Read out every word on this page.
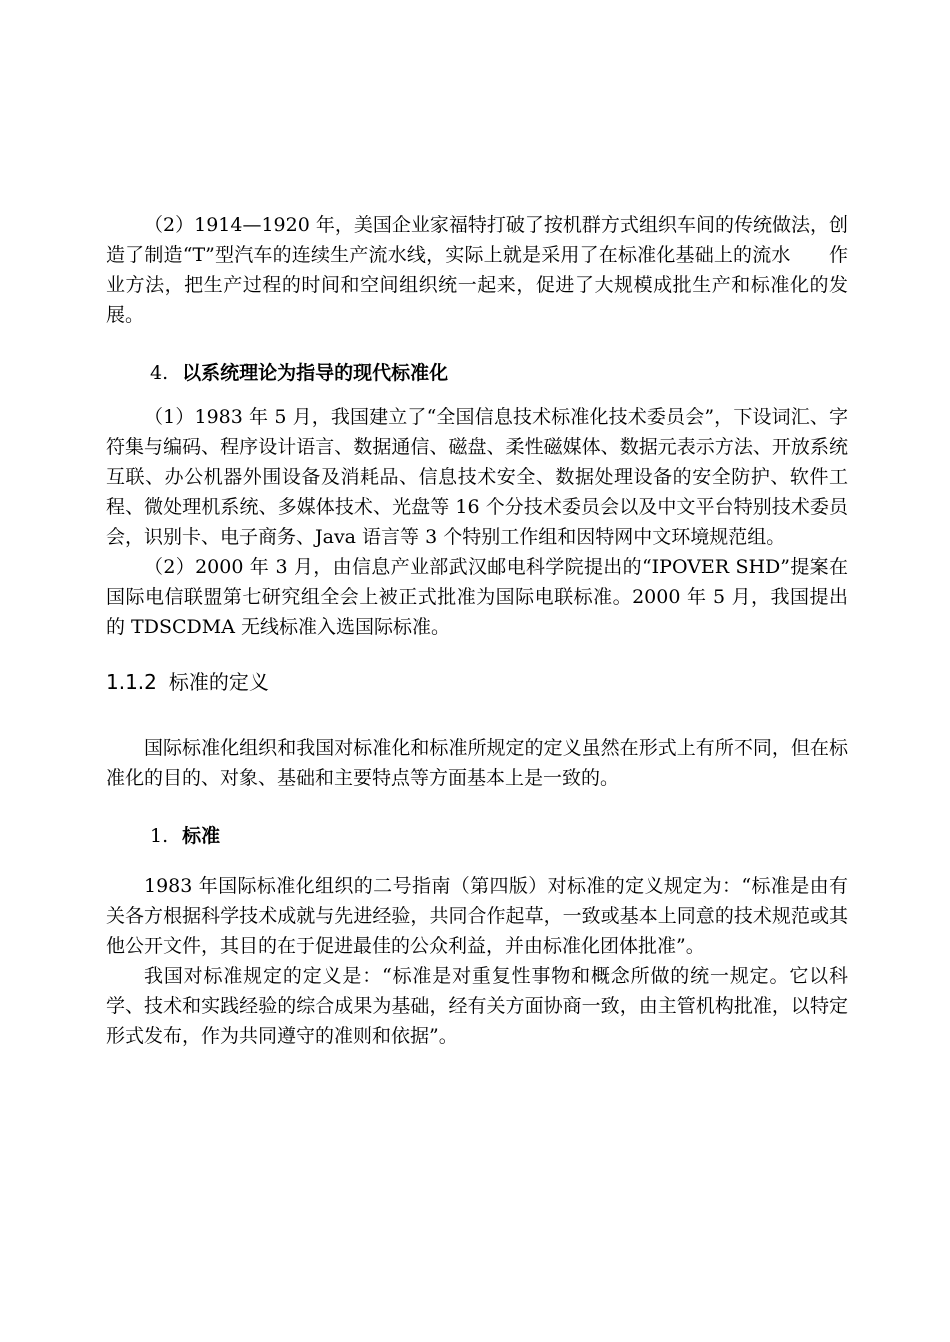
（2）1914—1920 年，美国企业家福特打破了按机群方式组织车间的传统做法，创造了制造“T”型汽车的连续生产流水线，实际上就是采用了在标准化基础上的流水　　作业方法，把生产过程的时间和空间组织统一起来，促进了大规模成批生产和标准化的发展。

4. 以系统理论为指导的现代标准化

（1）1983 年 5 月，我国建立了“全国信息技术标准化技术委员会”，下设词汇、字符集与编码、程序设计语言、数据通信、磁盘、柔性磁媒体、数据元表示方法、开放系统互联、办公机器外围设备及消耗品、信息技术安全、数据处理设备的安全防护、软件工程、微处理机系统、多媒体技术、光盘等 16 个分技术委员会以及中文平台特别技术委员会，识别卡、电子商务、Java 语言等 3 个特别工作组和因特网中文环境规范组。

（2）2000 年 3 月，由信息产业部武汉邮电科学院提出的“IPOVER SHD”提案在国际电信联盟第七研究组全会上被正式批准为国际电联标准。2000 年 5 月，我国提出的 TDSCDMA 无线标准入选国际标准。

1.1.2 标准的定义

国际标准化组织和我国对标准化和标准所规定的定义虽然在形式上有所不同，但在标准化的目的、对象、基础和主要特点等方面基本上是一致的。

1. 标准

1983 年国际标准化组织的二号指南（第四版）对标准的定义规定为：“标准是由有关各方根据科学技术成就与先进经验，共同合作起草，一致或基本上同意的技术规范或其他公开文件，其目的在于促进最佳的公众利益，并由标准化团体批准”。

我国对标准规定的定义是：“标准是对重复性事物和概念所做的统一规定。它以科学、技术和实践经验的综合成果为基础，经有关方面协商一致，由主管机构批准，以特定形式发布，作为共同遵守的准则和依据”。
